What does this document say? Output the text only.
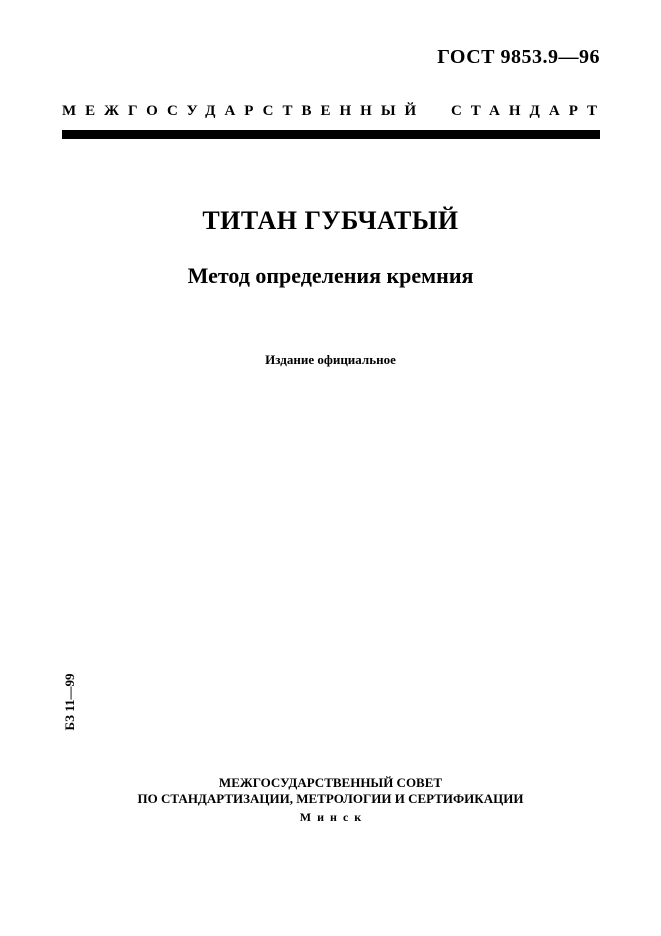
ГОСТ 9853.9—96
МЕЖГОСУДАРСТВЕННЫЙ СТАНДАРТ
ТИТАН ГУБЧАТЫЙ
Метод определения кремния
Издание официальное
БЗ 11—99
МЕЖГОСУДАРСТВЕННЫЙ СОВЕТ
ПО СТАНДАРТИЗАЦИИ, МЕТРОЛОГИИ И СЕРТИФИКАЦИИ
Минск
